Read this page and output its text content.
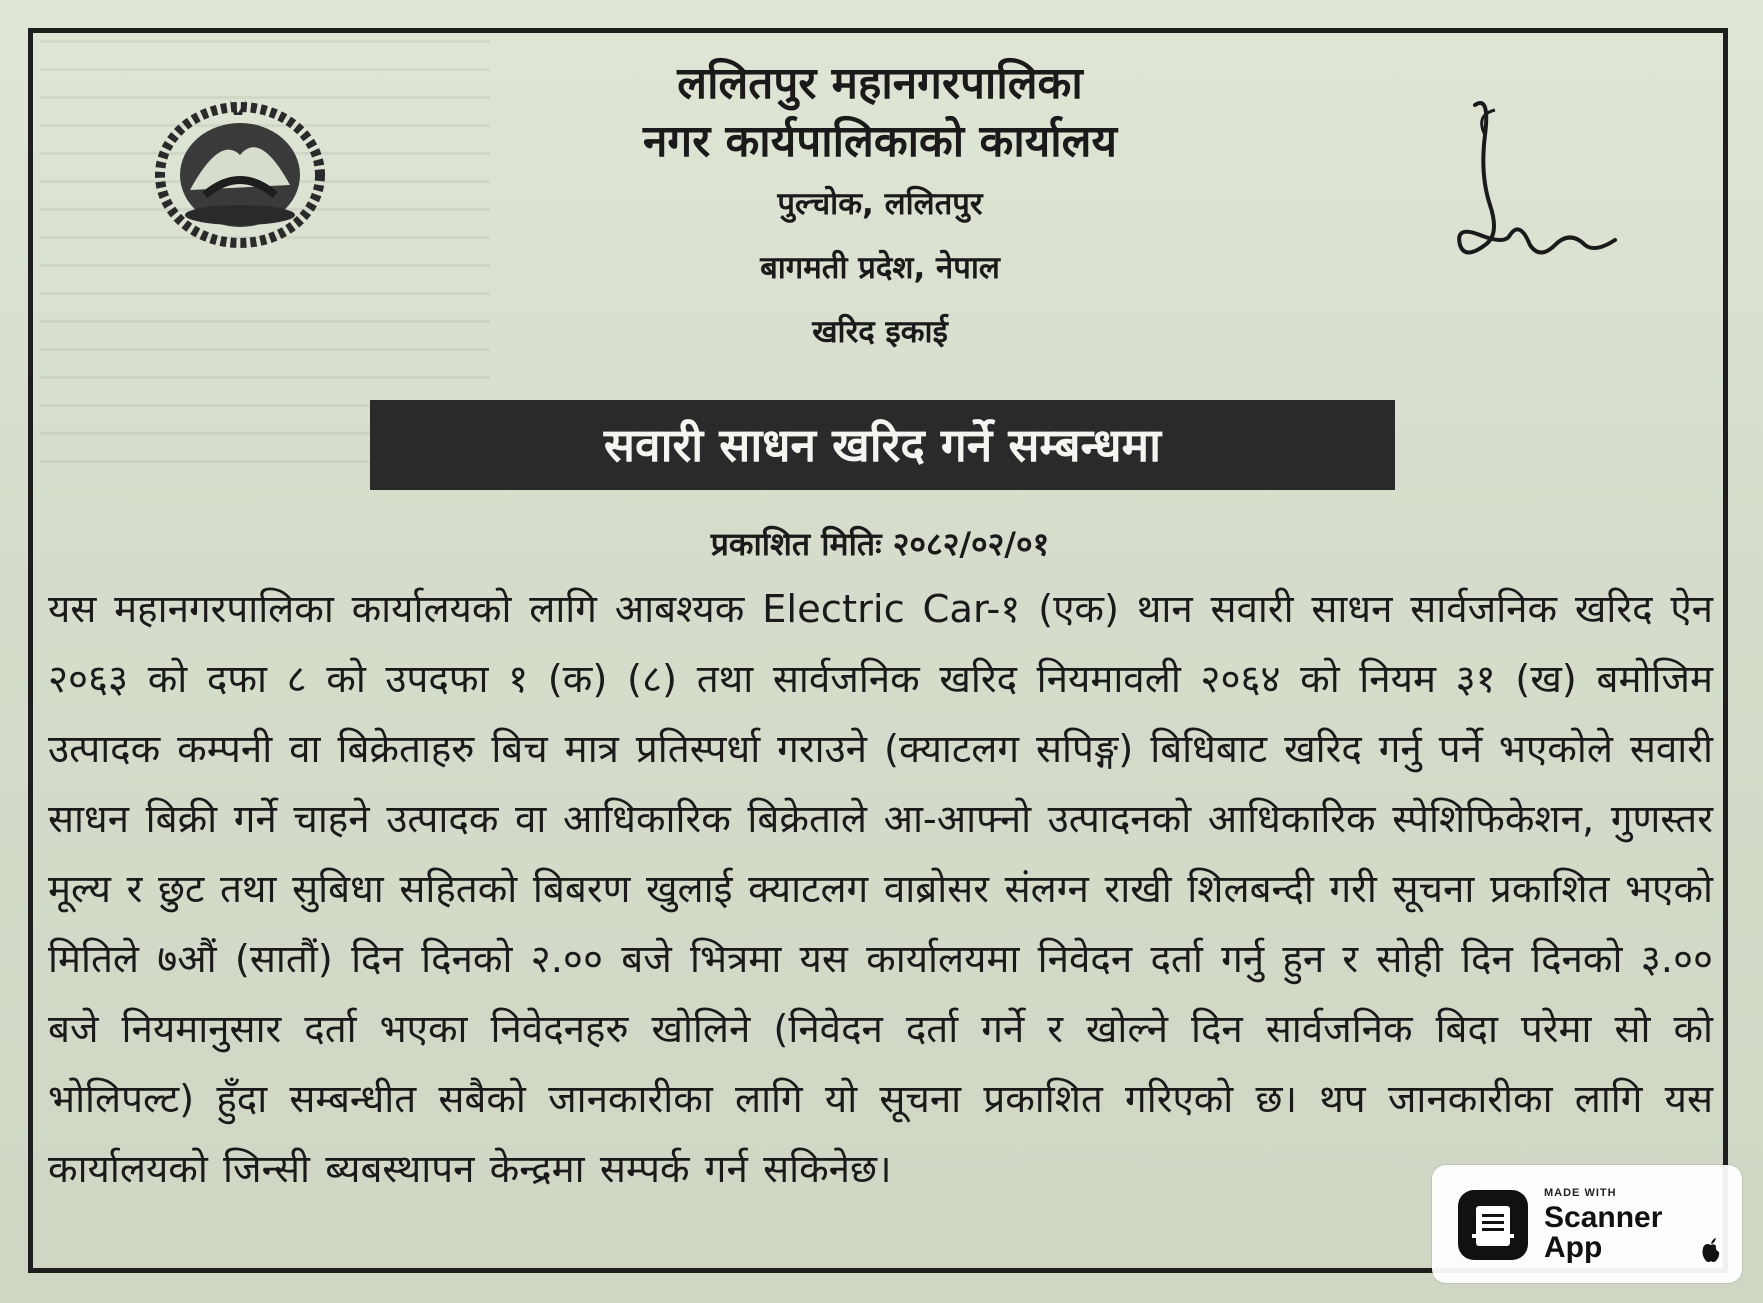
ललितपुर महानगरपालिका
नगर कार्यपालिकाको कार्यालय
पुल्चोक, ललितपुर
बागमती प्रदेश, नेपाल
खरिद इकाई
सवारी साधन खरिद गर्ने सम्बन्धमा
प्रकाशित मितिः २०८२/०२/०१
यस महानगरपालिका कार्यालयको लागि आबश्यक Electric Car-१ (एक) थान सवारी साधन सार्वजनिक खरिद ऐन २०६३ को दफा ८ को उपदफा १ (क) (८) तथा सार्वजनिक खरिद नियमावली २०६४ को नियम ३१ (ख) बमोजिम उत्पादक कम्पनी वा बिक्रेताहरु बिच मात्र प्रतिस्पर्धा गराउने (क्याटलग सपिङ्ग) बिधिबाट खरिद गर्नु पर्ने भएकोले सवारी साधन बिक्री गर्ने चाहने उत्पादक वा आधिकारिक बिक्रेताले आ-आफ्नो उत्पादनको आधिकारिक स्पेशिफिकेशन, गुणस्तर मूल्य र छुट तथा सुबिधा सहितको बिबरण खुलाई क्याटलग वाब्रोसर संलग्न राखी शिलबन्दी गरी सूचना प्रकाशित भएको मितिले ७औं (सातौं) दिन दिनको २.०० बजे भित्रमा यस कार्यालयमा निवेदन दर्ता गर्नु हुन र सोही दिन दिनको ३.०० बजे नियमानुसार दर्ता भएका निवेदनहरु खोलिने (निवेदन दर्ता गर्ने र खोल्ने दिन सार्वजनिक बिदा परेमा सो को भोलिपल्ट) हुँदा सम्बन्धीत सबैको जानकारीका लागि यो सूचना प्रकाशित गरिएको छ। थप जानकारीका लागि यस कार्यालयको जिन्सी ब्यबस्थापन केन्द्रमा सम्पर्क गर्न सकिनेछ।
MADE WITH
Scanner App
